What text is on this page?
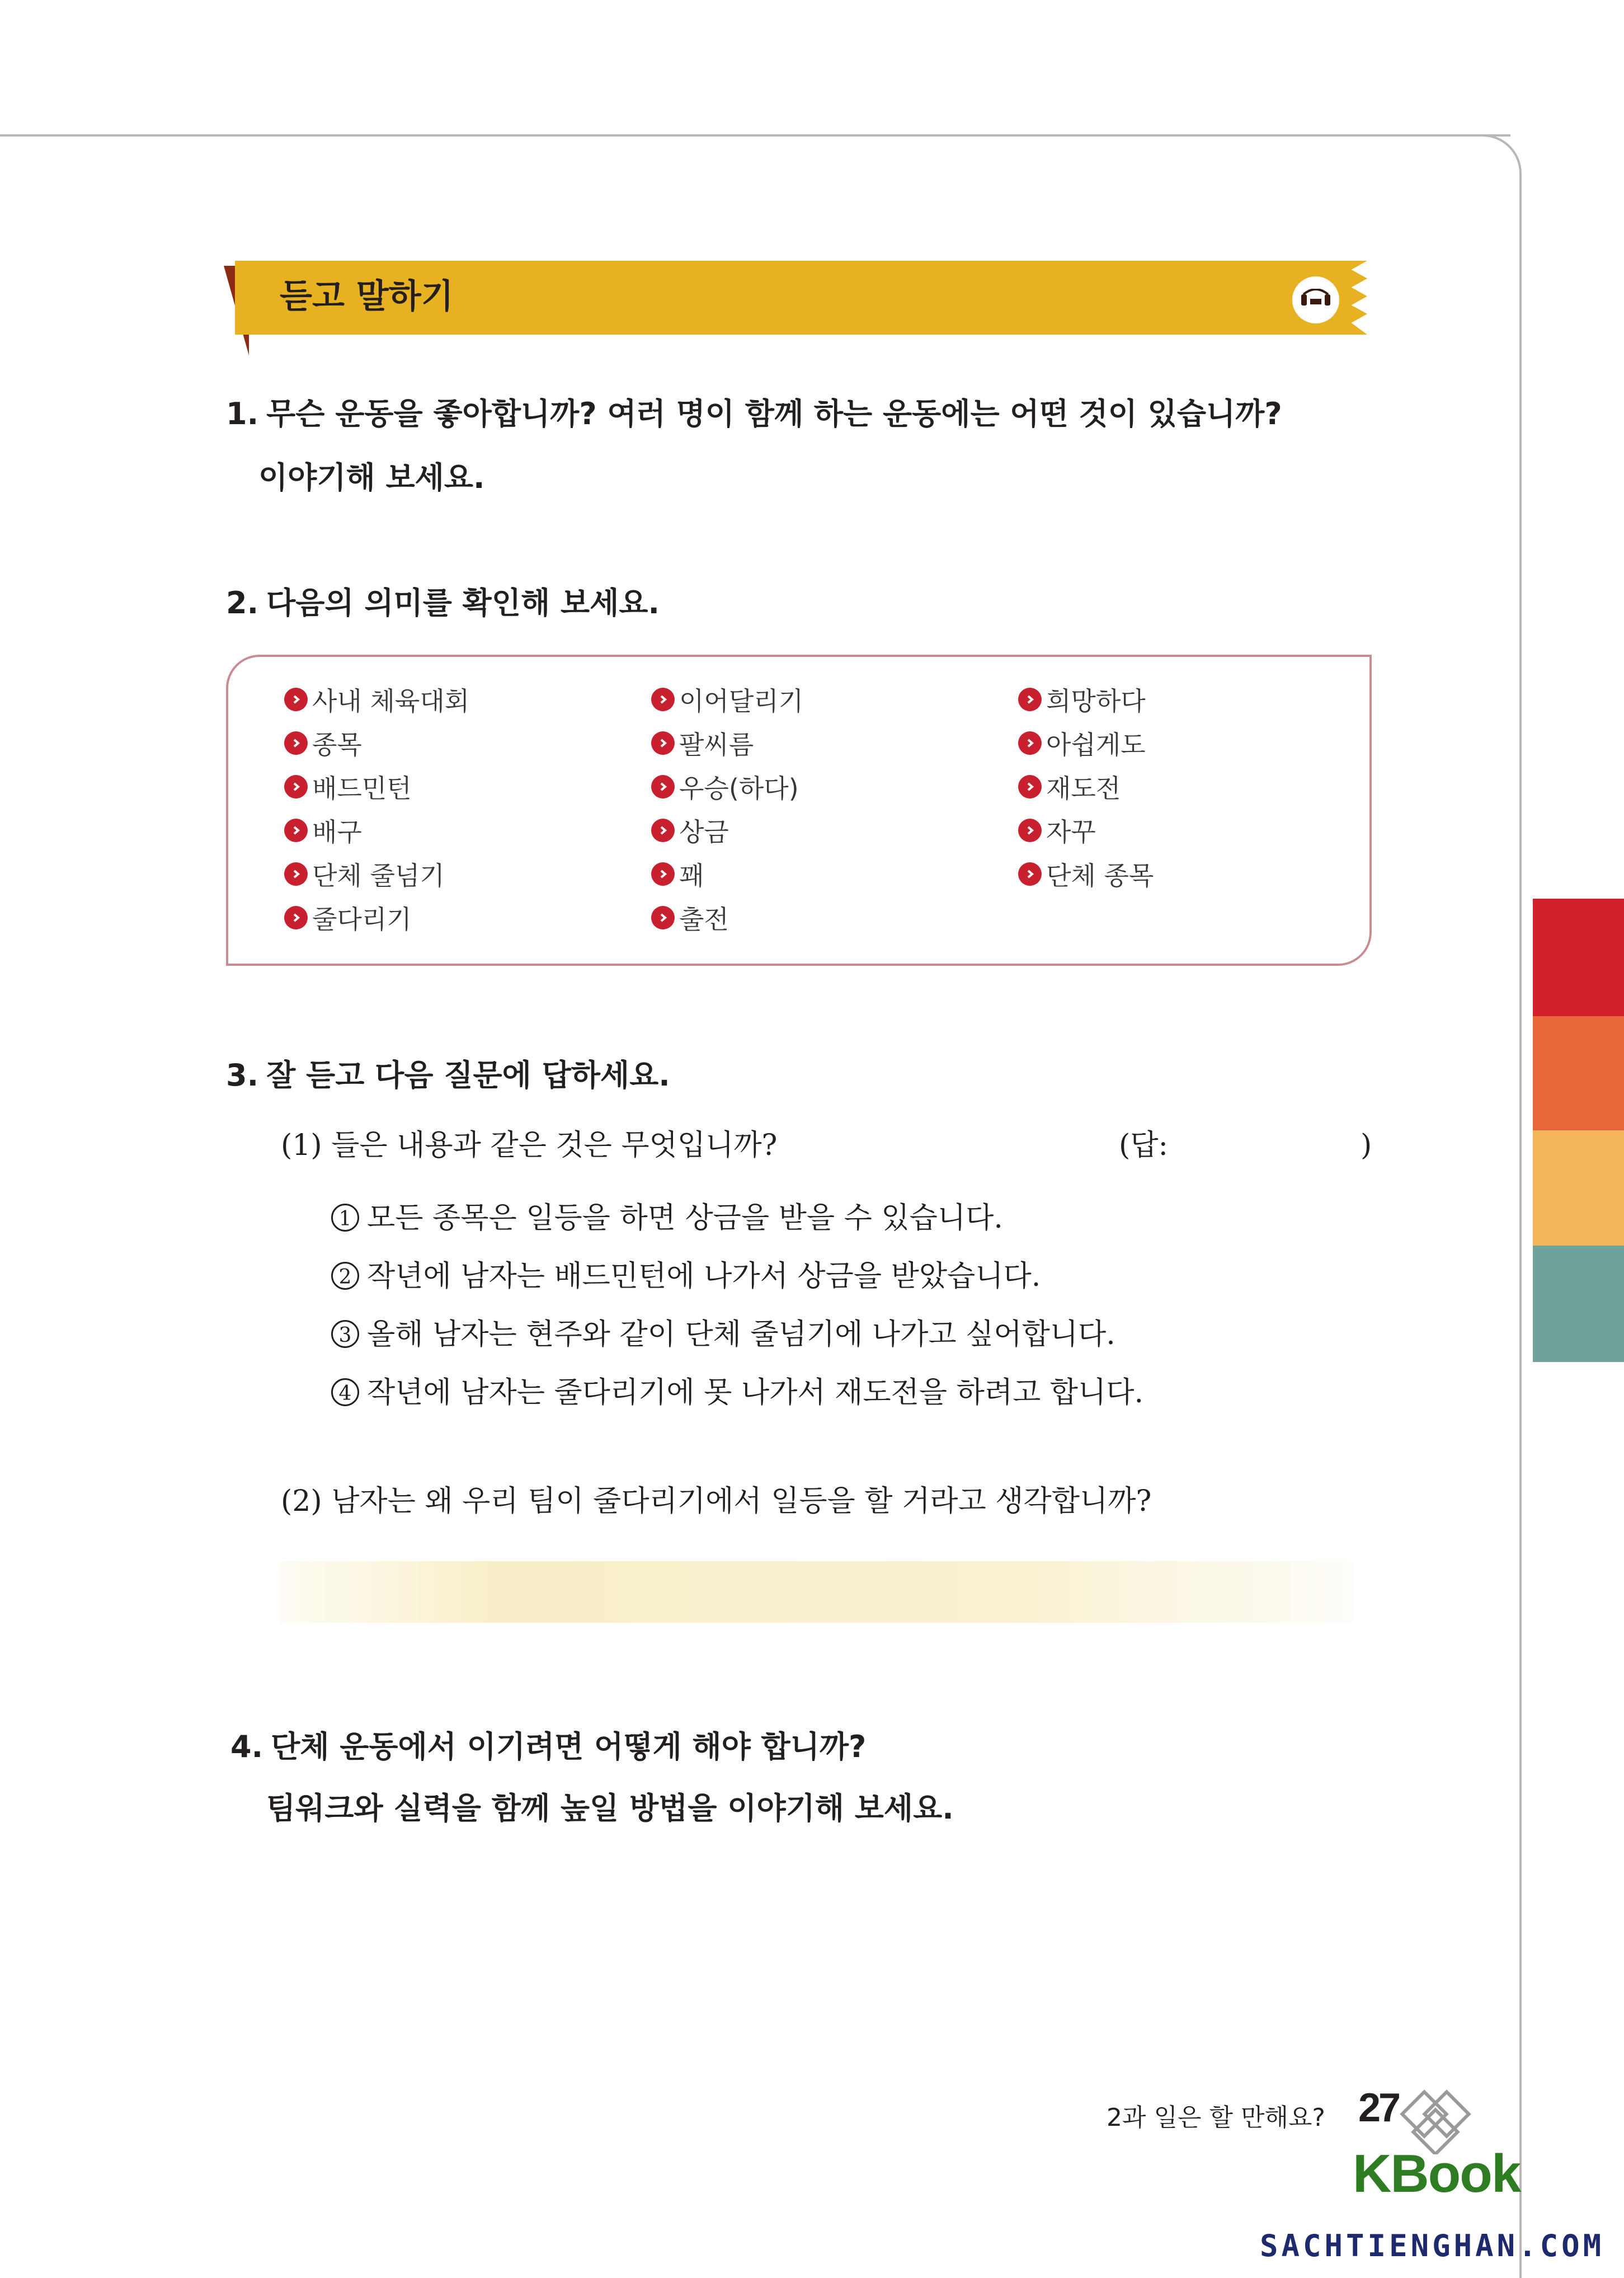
듣고 말하기
1. 무슨 운동을 좋아합니까? 여러 명이 함께 하는 운동에는 어떤 것이 있습니까?
이야기해 보세요.
2. 다음의 의미를 확인해 보세요.
사내 체육대회
종목
배드민턴
배구
단체 줄넘기
줄다리기
이어달리기
팔씨름
우승(하다)
상금
꽤
출전
희망하다
아쉽게도
재도전
자꾸
단체 종목
3. 잘 듣고 다음 질문에 답하세요.
(1) 들은 내용과 같은 것은 무엇입니까?	(답:	)
1 모든 종목은 일등을 하면 상금을 받을 수 있습니다.
2 작년에 남자는 배드민턴에 나가서 상금을 받았습니다.
3 올해 남자는 현주와 같이 단체 줄넘기에 나가고 싶어합니다.
4 작년에 남자는 줄다리기에 못 나가서 재도전을 하려고 합니다.
(2) 남자는 왜 우리 팀이 줄다리기에서 일등을 할 거라고 생각합니까?
4. 단체 운동에서 이기려면 어떻게 해야 합니까?
팀워크와 실력을 함께 높일 방법을 이야기해 보세요.
2과 일은 할 만해요? 27
KBook
SACHTIENGHAN.COM
